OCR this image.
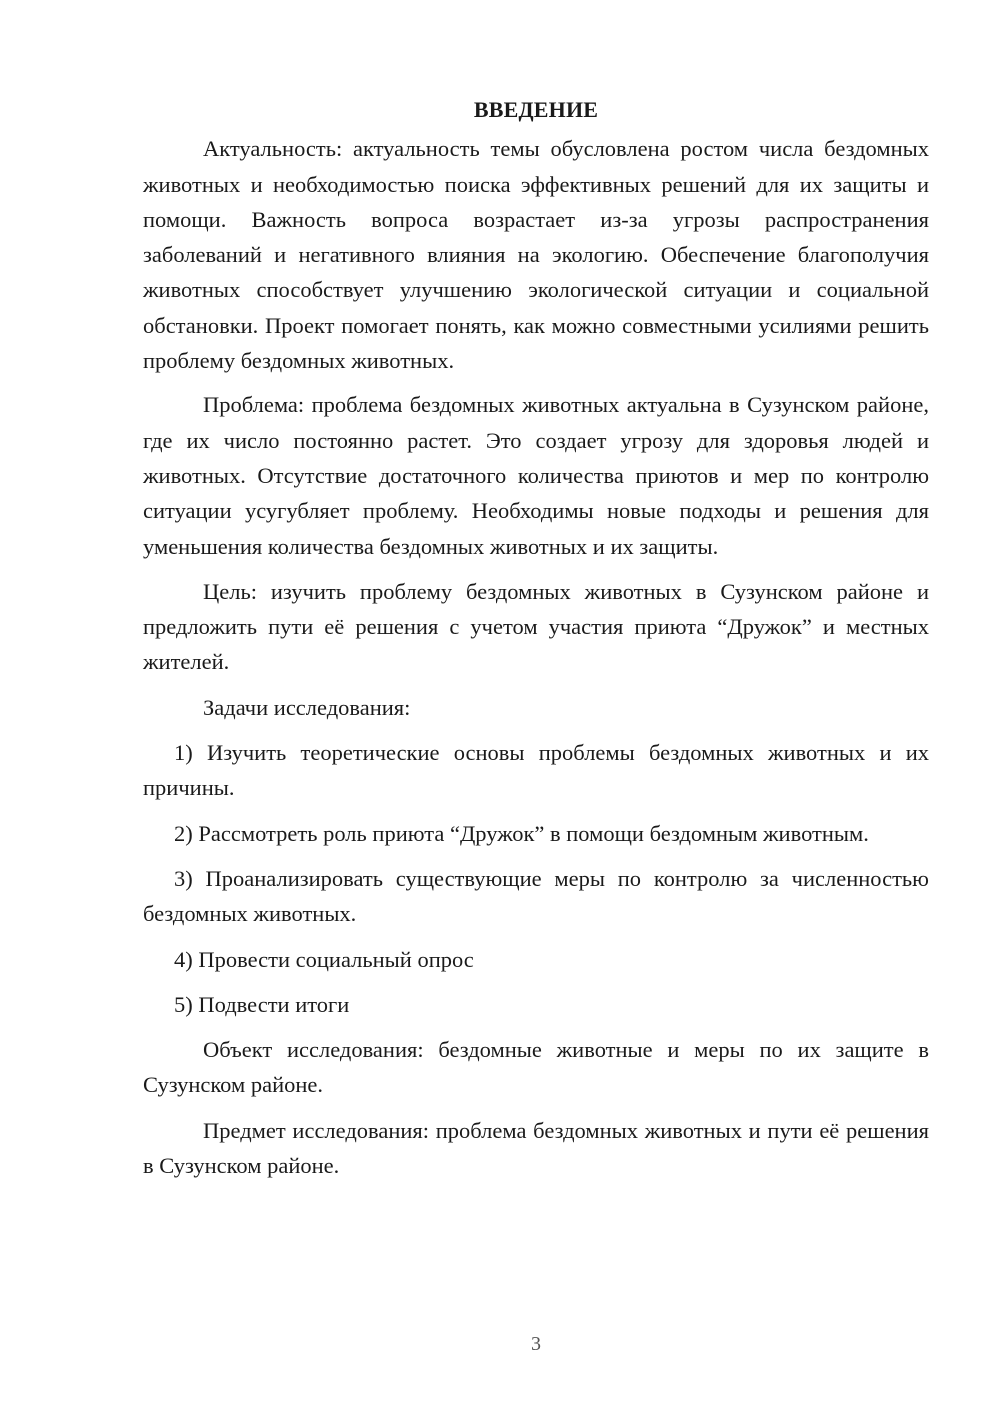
ВВЕДЕНИЕ

Актуальность: актуальность темы обусловлена ростом числа бездомных животных и необходимостью поиска эффективных решений для их защиты и помощи. Важность вопроса возрастает из-за угрозы распространения заболеваний и негативного влияния на экологию. Обеспечение благополучия животных способствует улучшению экологической ситуации и социальной обстановки. Проект помогает понять, как можно совместными усилиями решить проблему бездомных животных.

Проблема: проблема бездомных животных актуальна в Сузунском районе, где их число постоянно растет. Это создает угрозу для здоровья людей и животных. Отсутствие достаточного количества приютов и мер по контролю ситуации усугубляет проблему. Необходимы новые подходы и решения для уменьшения количества бездомных животных и их защиты.

Цель: изучить проблему бездомных животных в Сузунском районе и предложить пути её решения с учетом участия приюта “Дружок” и местных жителей.

Задачи исследования:

1) Изучить теоретические основы проблемы бездомных животных и их причины.

2) Рассмотреть роль приюта “Дружок” в помощи бездомным животным.

3) Проанализировать существующие меры по контролю за численностью бездомных животных.

4) Провести социальный опрос

5) Подвести итоги

Объект исследования: бездомные животные и меры по их защите в Сузунском районе.

Предмет исследования: проблема бездомных животных и пути её решения в Сузунском районе.

3
